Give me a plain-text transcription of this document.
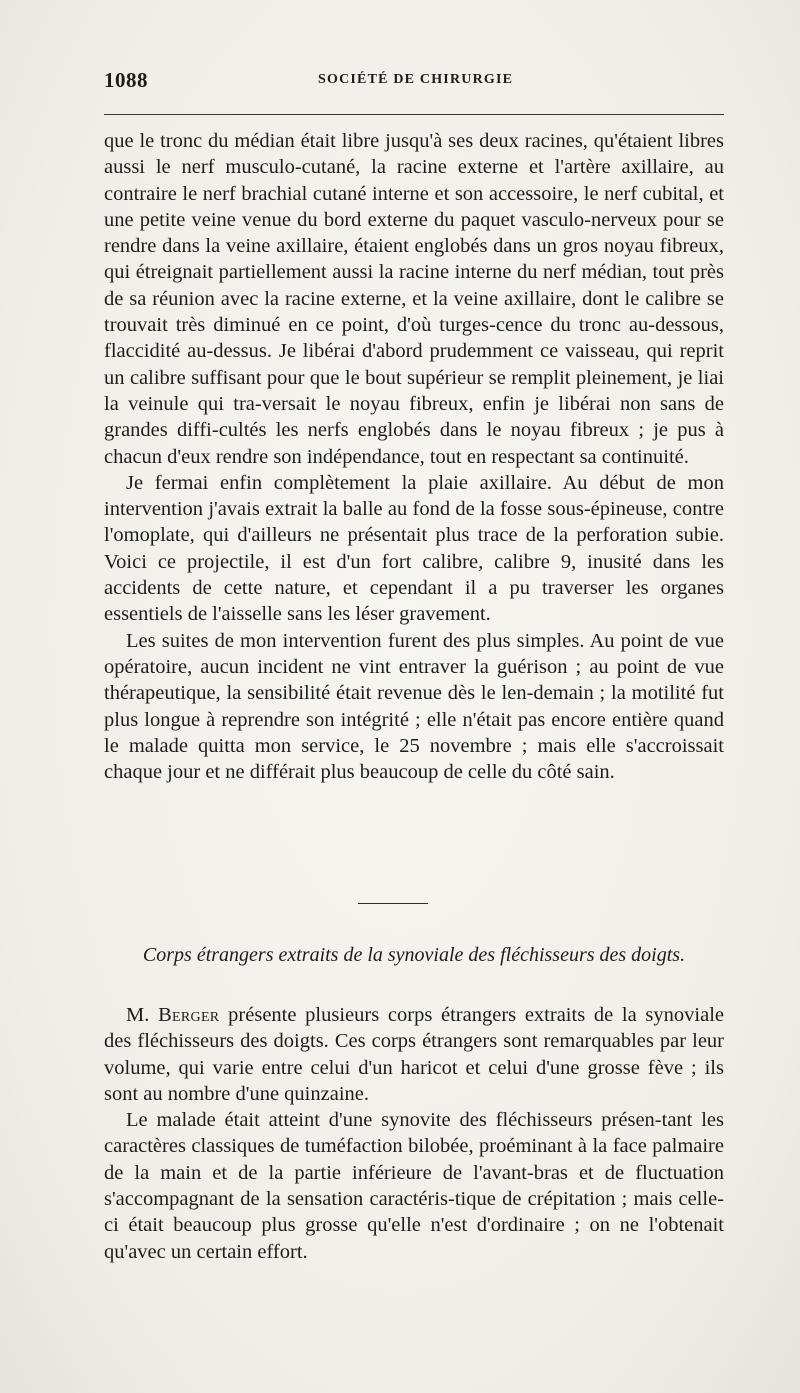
1088	SOCIÉTÉ DE CHIRURGIE

que le tronc du médian était libre jusqu'à ses deux racines, qu'étaient libres aussi le nerf musculo-cutané, la racine externe et l'artère axillaire, au contraire le nerf brachial cutané interne et son accessoire, le nerf cubital, et une petite veine venue du bord externe du paquet vasculo-nerveux pour se rendre dans la veine axillaire, étaient englobés dans un gros noyau fibreux, qui étreignait partiellement aussi la racine interne du nerf médian, tout près de sa réunion avec la racine externe, et la veine axillaire, dont le calibre se trouvait très diminué en ce point, d'où turges-cence du tronc au-dessous, flaccidité au-dessus. Je libérai d'abord prudemment ce vaisseau, qui reprit un calibre suffisant pour que le bout supérieur se remplit pleinement, je liai la veinule qui tra-versait le noyau fibreux, enfin je libérai non sans de grandes diffi-cultés les nerfs englobés dans le noyau fibreux ; je pus à chacun d'eux rendre son indépendance, tout en respectant sa continuité.

Je fermai enfin complètement la plaie axillaire. Au début de mon intervention j'avais extrait la balle au fond de la fosse sous-épineuse, contre l'omoplate, qui d'ailleurs ne présentait plus trace de la perforation subie. Voici ce projectile, il est d'un fort calibre, calibre 9, inusité dans les accidents de cette nature, et cependant il a pu traverser les organes essentiels de l'aisselle sans les léser gravement.

Les suites de mon intervention furent des plus simples. Au point de vue opératoire, aucun incident ne vint entraver la guérison ; au point de vue thérapeutique, la sensibilité était revenue dès le len-demain ; la motilité fut plus longue à reprendre son intégrité ; elle n'était pas encore entière quand le malade quitta mon service, le 25 novembre ; mais elle s'accroissait chaque jour et ne différait plus beaucoup de celle du côté sain.

Corps étrangers extraits de la synoviale des fléchisseurs des doigts.

M. Berger présente plusieurs corps étrangers extraits de la synoviale des fléchisseurs des doigts. Ces corps étrangers sont remarquables par leur volume, qui varie entre celui d'un haricot et celui d'une grosse fève ; ils sont au nombre d'une quinzaine.

Le malade était atteint d'une synovite des fléchisseurs présen-tant les caractères classiques de tuméfaction bilobée, proéminant à la face palmaire de la main et de la partie inférieure de l'avant-bras et de fluctuation s'accompagnant de la sensation caractéris-tique de crépitation ; mais celle-ci était beaucoup plus grosse qu'elle n'est d'ordinaire ; on ne l'obtenait qu'avec un certain effort.
